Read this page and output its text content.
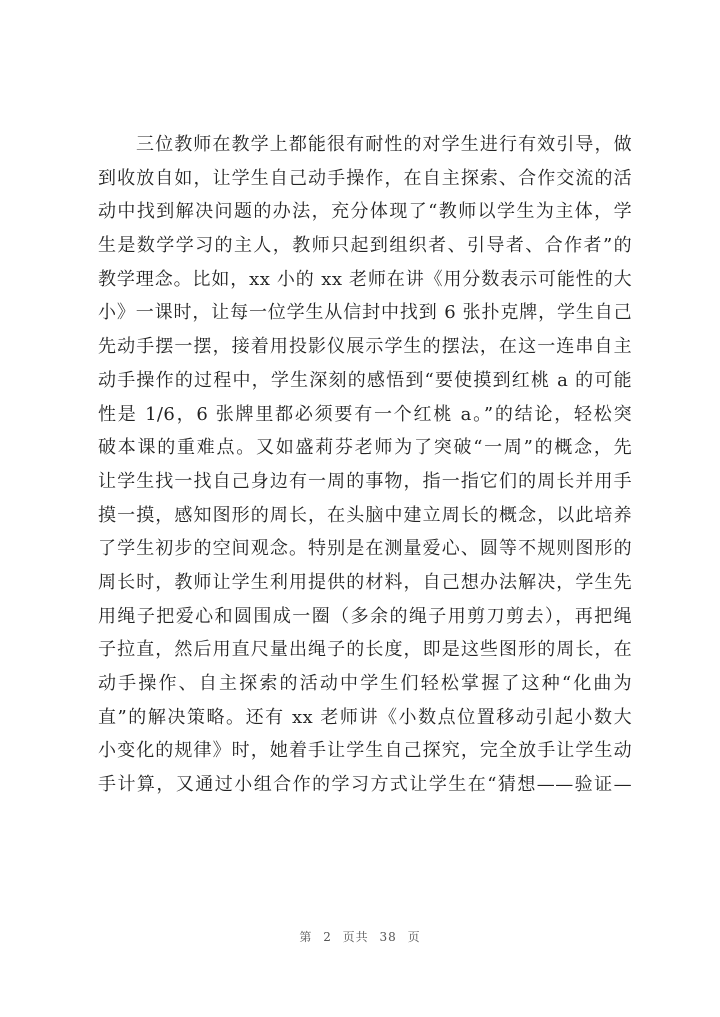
三位教师在教学上都能很有耐性的对学生进行有效引导，做
到收放自如，让学生自己动手操作，在自主探索、合作交流的活
动中找到解决问题的办法，充分体现了“教师以学生为主体，学
生是数学学习的主人，教师只起到组织者、引导者、合作者”的
教学理念。比如，xx 小的 xx 老师在讲《用分数表示可能性的大
小》一课时，让每一位学生从信封中找到 6 张扑克牌，学生自己
先动手摆一摆，接着用投影仪展示学生的摆法，在这一连串自主
动手操作的过程中，学生深刻的感悟到“要使摸到红桃 a 的可能
性是 1/6，6 张牌里都必须要有一个红桃 a。”的结论，轻松突
破本课的重难点。又如盛莉芬老师为了突破“一周”的概念，先
让学生找一找自己身边有一周的事物，指一指它们的周长并用手
摸一摸，感知图形的周长，在头脑中建立周长的概念，以此培养
了学生初步的空间观念。特别是在测量爱心、圆等不规则图形的
周长时，教师让学生利用提供的材料，自己想办法解决，学生先
用绳子把爱心和圆围成一圈（多余的绳子用剪刀剪去），再把绳
子拉直，然后用直尺量出绳子的长度，即是这些图形的周长，在
动手操作、自主探索的活动中学生们轻松掌握了这种“化曲为
直”的解决策略。还有 xx 老师讲《小数点位置移动引起小数大
小变化的规律》时，她着手让学生自己探究，完全放手让学生动
手计算，又通过小组合作的学习方式让学生在“猜想——验证—
第 2 页共 38 页
